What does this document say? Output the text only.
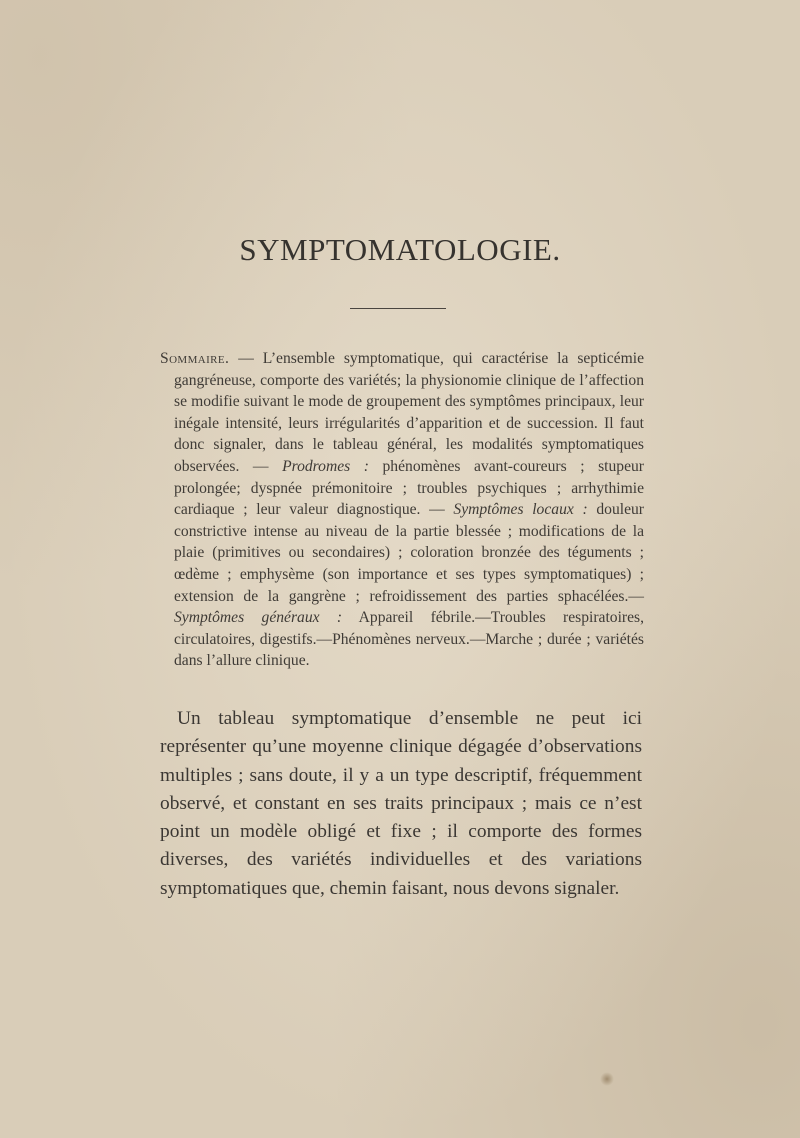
SYMPTOMATOLOGIE.

Sommaire. — L’ensemble symptomatique, qui caractérise la septicémie gangréneuse, comporte des variétés; la physionomie clinique de l’affection se modifie suivant le mode de groupement des symptômes principaux, leur inégale intensité, leurs irrégularités d’apparition et de succession. Il faut donc signaler, dans le tableau général, les modalités symptomatiques observées. — Prodromes : phénomènes avant-coureurs ; stupeur prolongée; dyspnée prémonitoire ; troubles psychiques ; arrhythimie cardiaque ; leur valeur diagnostique. — Symptômes locaux : douleur constrictive intense au niveau de la partie blessée ; modifications de la plaie (primitives ou secondaires) ; coloration bronzée des téguments ; œdème ; emphysème (son importance et ses types symptomatiques) ; extension de la gangrène ; refroidissement des parties sphacélées.— Symptômes généraux : Appareil fébrile.—Troubles respiratoires, circulatoires, digestifs.—Phénomènes nerveux.—Marche ; durée ; variétés dans l’allure clinique.

Un tableau symptomatique d’ensemble ne peut ici représenter qu’une moyenne clinique dégagée d’observations multiples ; sans doute, il y a un type descriptif, fréquemment observé, et constant en ses traits principaux ; mais ce n’est point un modèle obligé et fixe ; il comporte des formes diverses, des variétés individuelles et des variations symptomatiques que, chemin faisant, nous devons signaler.
